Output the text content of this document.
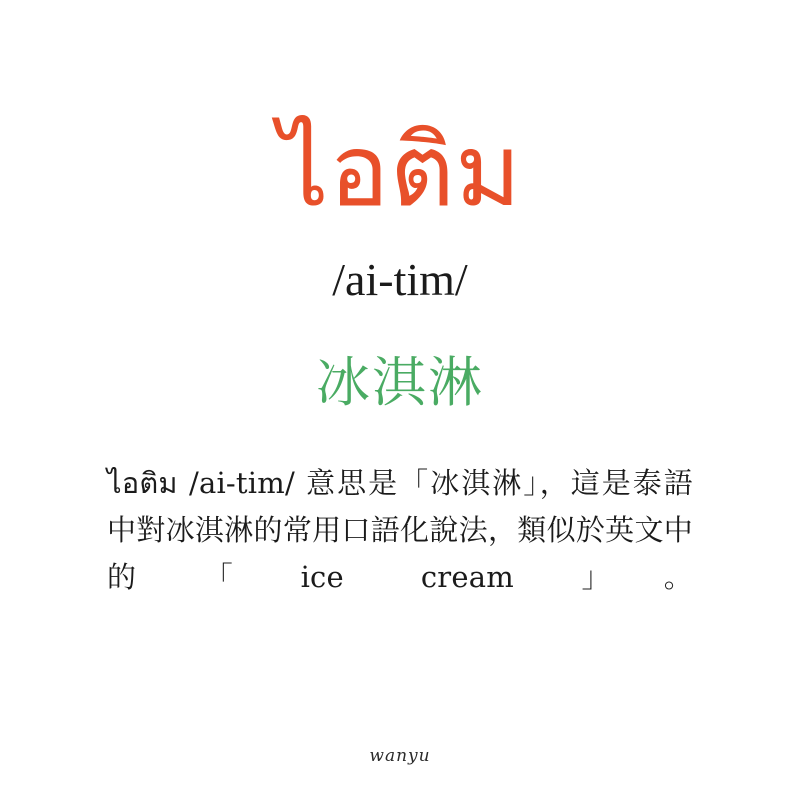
ไอติม
/ai-tim/
冰淇淋
ไอติม /ai-tim/ 意思是「冰淇淋」，這是泰語中對冰淇淋的常用口語化說法，類似於英文中的「ice cream」。
wanyu
